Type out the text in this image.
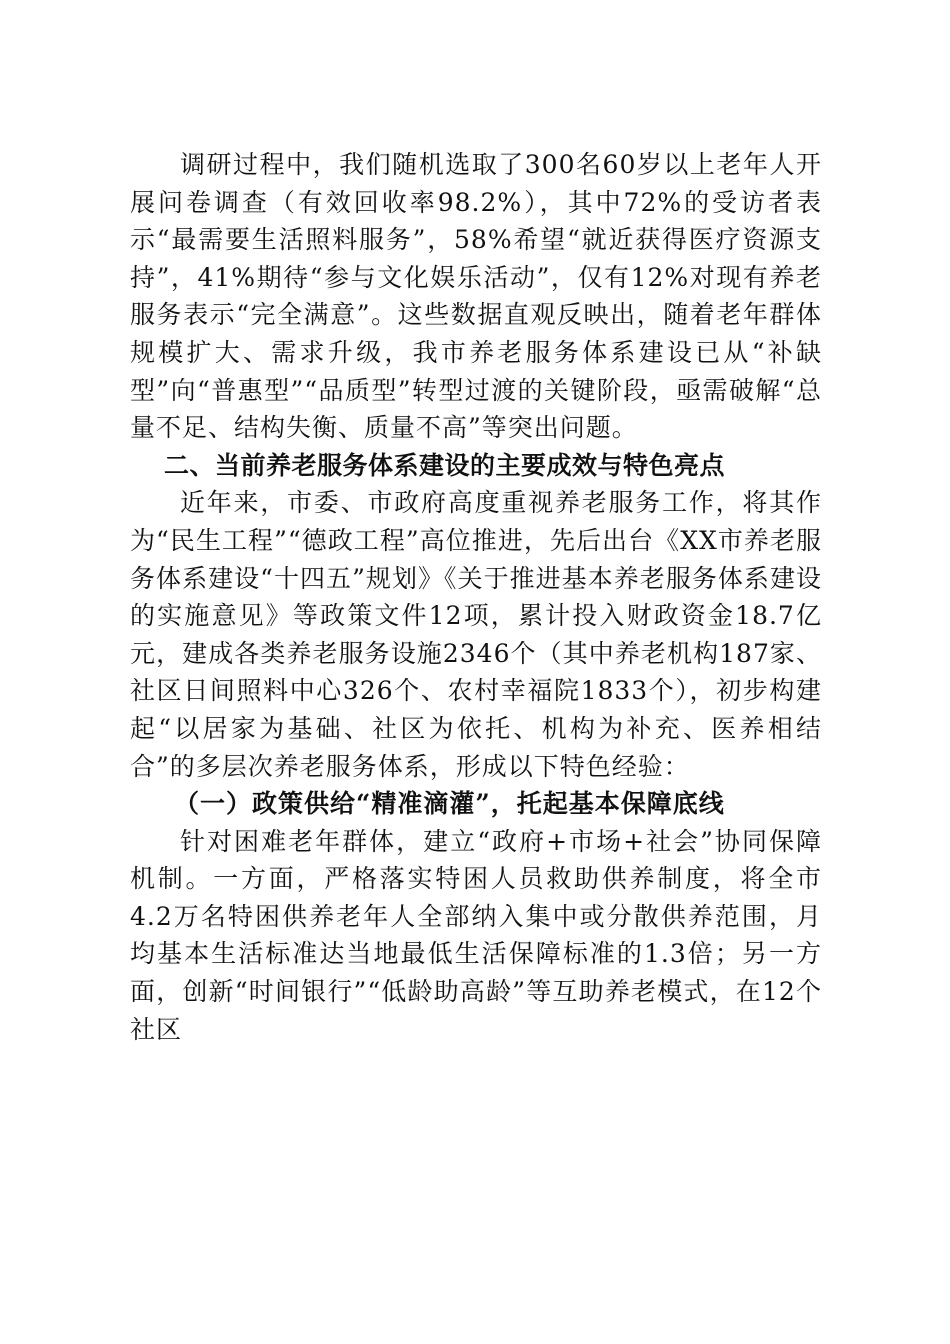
调研过程中，我们随机选取了300名60岁以上老年人开展问卷调查（有效回收率98.2%），其中72%的受访者表示“最需要生活照料服务”，58%希望“就近获得医疗资源支持”，41%期待“参与文化娱乐活动”，仅有12%对现有养老服务表示“完全满意”。这些数据直观反映出，随着老年群体规模扩大、需求升级，我市养老服务体系建设已从“补缺型”向“普惠型”“品质型”转型过渡的关键阶段，亟需破解“总量不足、结构失衡、质量不高”等突出问题。

二、当前养老服务体系建设的主要成效与特色亮点

近年来，市委、市政府高度重视养老服务工作，将其作为“民生工程”“德政工程”高位推进，先后出台《XX市养老服务体系建设“十四五”规划》《关于推进基本养老服务体系建设的实施意见》等政策文件12项，累计投入财政资金18.7亿元，建成各类养老服务设施2346个（其中养老机构187家、社区日间照料中心326个、农村幸福院1833个），初步构建起“以居家为基础、社区为依托、机构为补充、医养相结合”的多层次养老服务体系，形成以下特色经验：

（一）政策供给“精准滴灌”，托起基本保障底线

针对困难老年群体，建立“政府+市场+社会”协同保障机制。一方面，严格落实特困人员救助供养制度，将全市4.2万名特困供养老年人全部纳入集中或分散供养范围，月均基本生活标准达当地最低生活保障标准的1.3倍；另一方面，创新“时间银行”“低龄助高龄”等互助养老模式，在12个社区
